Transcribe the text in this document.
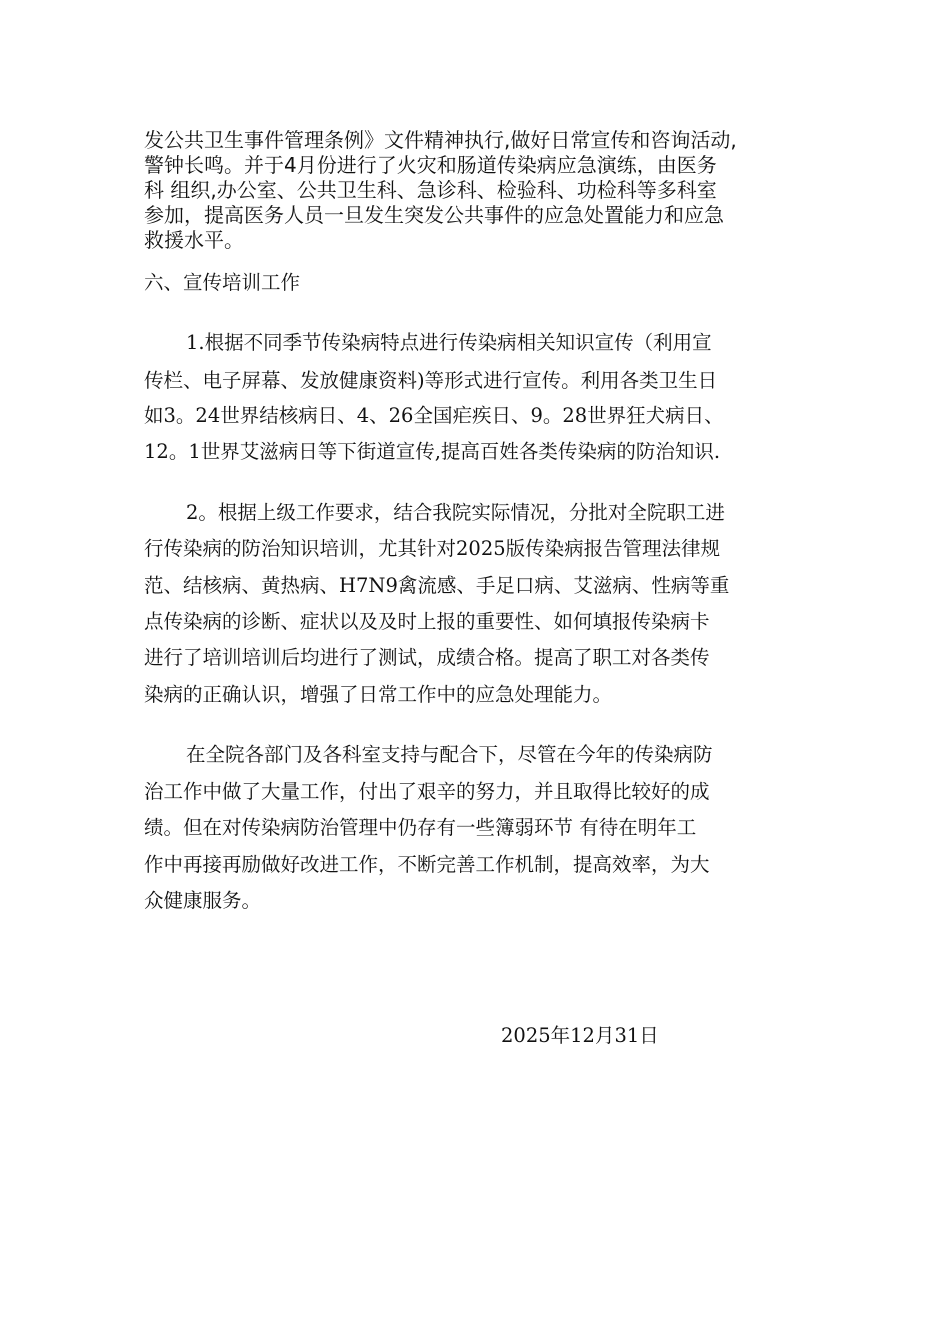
发公共卫生事件管理条例》文件精神执行,做好日常宣传和咨询活动,
警钟长鸣。并于4月份进行了火灾和肠道传染病应急演练，由医务
科 组织,办公室、公共卫生科、急诊科、检验科、功检科等多科室
参加，提高医务人员一旦发生突发公共事件的应急处置能力和应急
救援水平。
六、宣传培训工作
1.根据不同季节传染病特点进行传染病相关知识宣传（利用宣
传栏、电子屏幕、发放健康资料)等形式进行宣传。利用各类卫生日
如3。24世界结核病日、4、26全国疟疾日、9。28世界狂犬病日、
12。1世界艾滋病日等下街道宣传,提高百姓各类传染病的防治知识.
2。根据上级工作要求，结合我院实际情况，分批对全院职工进
行传染病的防治知识培训，尤其针对2025版传染病报告管理法律规
范、结核病、黄热病、H7N9禽流感、手足口病、艾滋病、性病等重
点传染病的诊断、症状以及及时上报的重要性、如何填报传染病卡
进行了培训培训后均进行了测试，成绩合格。提高了职工对各类传
染病的正确认识，增强了日常工作中的应急处理能力。
在全院各部门及各科室支持与配合下，尽管在今年的传染病防
治工作中做了大量工作，付出了艰辛的努力，并且取得比较好的成
绩。但在对传染病防治管理中仍存有一些簿弱环节 有待在明年工
作中再接再励做好改进工作，不断完善工作机制，提高效率，为大
众健康服务。
2025年12月31日
